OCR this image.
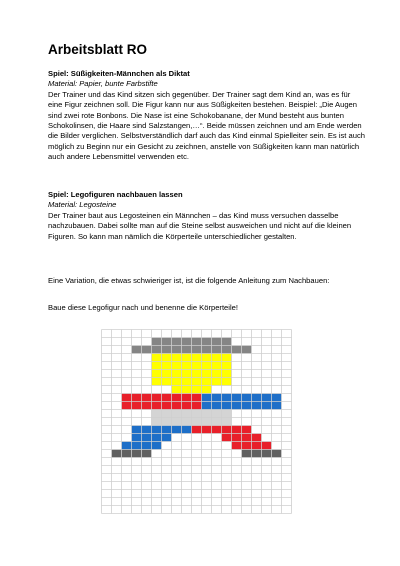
Arbeitsblatt RO

Spiel: Süßigkeiten-Männchen als Diktat

Material: Papier, bunte Farbstifte

Der Trainer und das Kind sitzen sich gegenüber. Der Trainer sagt dem Kind an, was es für eine Figur zeichnen soll. Die Figur kann nur aus Süßigkeiten bestehen. Beispiel: „Die Augen sind zwei rote Bonbons. Die Nase ist eine Schokobanane, der Mund besteht aus bunten Schokolinsen, die Haare sind Salzstangen,…“. Beide müssen zeichnen und am Ende werden die Bilder verglichen. Selbstverständlich darf auch das Kind einmal Spielleiter sein. Es ist auch möglich zu Beginn nur ein Gesicht zu zeichnen, anstelle von Süßigkeiten kann man natürlich auch andere Lebensmittel verwenden etc.

Spiel: Legofiguren nachbauen lassen

Material: Legosteine

Der Trainer baut aus Legosteinen ein Männchen – das Kind muss versuchen dasselbe nachzubauen. Dabei sollte man auf die Steine selbst ausweichen und nicht auf die kleinen Figuren. So kann man nämlich die Körperteile unterschiedlicher gestalten.

Eine Variation, die etwas schwieriger ist, ist die folgende Anleitung zum Nachbauen:

Baue diese Legofigur nach und benenne die Körperteile!
